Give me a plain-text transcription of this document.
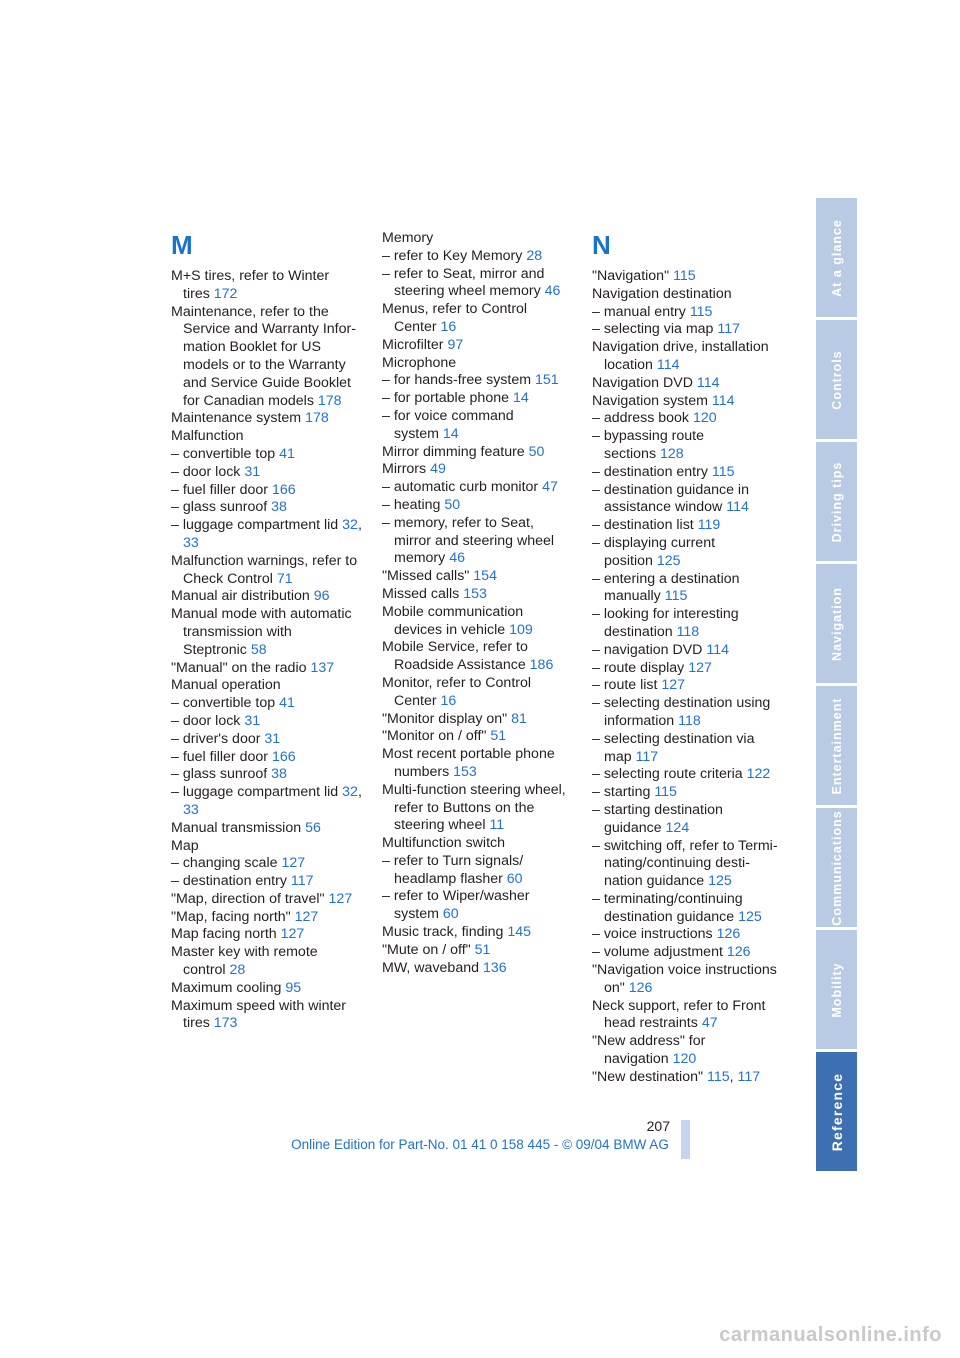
M
M+S tires, refer to Winter tires 172
Maintenance, refer to the Service and Warranty Infor- mation Booklet for US models or to the Warranty and Service Guide Booklet for Canadian models 178
Maintenance system 178
Malfunction
– convertible top 41
– door lock 31
– fuel filler door 166
– glass sunroof 38
– luggage compartment lid 32, 33
Malfunction warnings, refer to Check Control 71
Manual air distribution 96
Manual mode with automatic transmission with Steptronic 58
"Manual" on the radio 137
Manual operation
– convertible top 41
– door lock 31
– driver's door 31
– fuel filler door 166
– glass sunroof 38
– luggage compartment lid 32, 33
Manual transmission 56
Map
– changing scale 127
– destination entry 117
"Map, direction of travel" 127
"Map, facing north" 127
Map facing north 127
Master key with remote control 28
Maximum cooling 95
Maximum speed with winter tires 173
Memory
– refer to Key Memory 28
– refer to Seat, mirror and steering wheel memory 46
Menus, refer to Control Center 16
Microfilter 97
Microphone
– for hands-free system 151
– for portable phone 14
– for voice command system 14
Mirror dimming feature 50
Mirrors 49
– automatic curb monitor 47
– heating 50
– memory, refer to Seat, mirror and steering wheel memory 46
"Missed calls" 154
Missed calls 153
Mobile communication devices in vehicle 109
Mobile Service, refer to Roadside Assistance 186
Monitor, refer to Control Center 16
"Monitor display on" 81
"Monitor on / off" 51
Most recent portable phone numbers 153
Multi-function steering wheel, refer to Buttons on the steering wheel 11
Multifunction switch
– refer to Turn signals/ headlamp flasher 60
– refer to Wiper/washer system 60
Music track, finding 145
"Mute on / off" 51
MW, waveband 136
N
"Navigation" 115
Navigation destination
– manual entry 115
– selecting via map 117
Navigation drive, installation location 114
Navigation DVD 114
Navigation system 114
– address book 120
– bypassing route sections 128
– destination entry 115
– destination guidance in assistance window 114
– destination list 119
– displaying current position 125
– entering a destination manually 115
– looking for interesting destination 118
– navigation DVD 114
– route display 127
– route list 127
– selecting destination using information 118
– selecting destination via map 117
– selecting route criteria 122
– starting 115
– starting destination guidance 124
– switching off, refer to Termi- nating/continuing desti- nation guidance 125
– terminating/continuing destination guidance 125
– voice instructions 126
– volume adjustment 126
"Navigation voice instructions on" 126
Neck support, refer to Front head restraints 47
"New address" for navigation 120
"New destination" 115, 117
At a glance
Controls
Driving tips
Navigation
Entertainment
Communications
Mobility
Reference
207
Online Edition for Part-No. 01 41 0 158 445 - © 09/04 BMW AG
carmanualsonline.info
